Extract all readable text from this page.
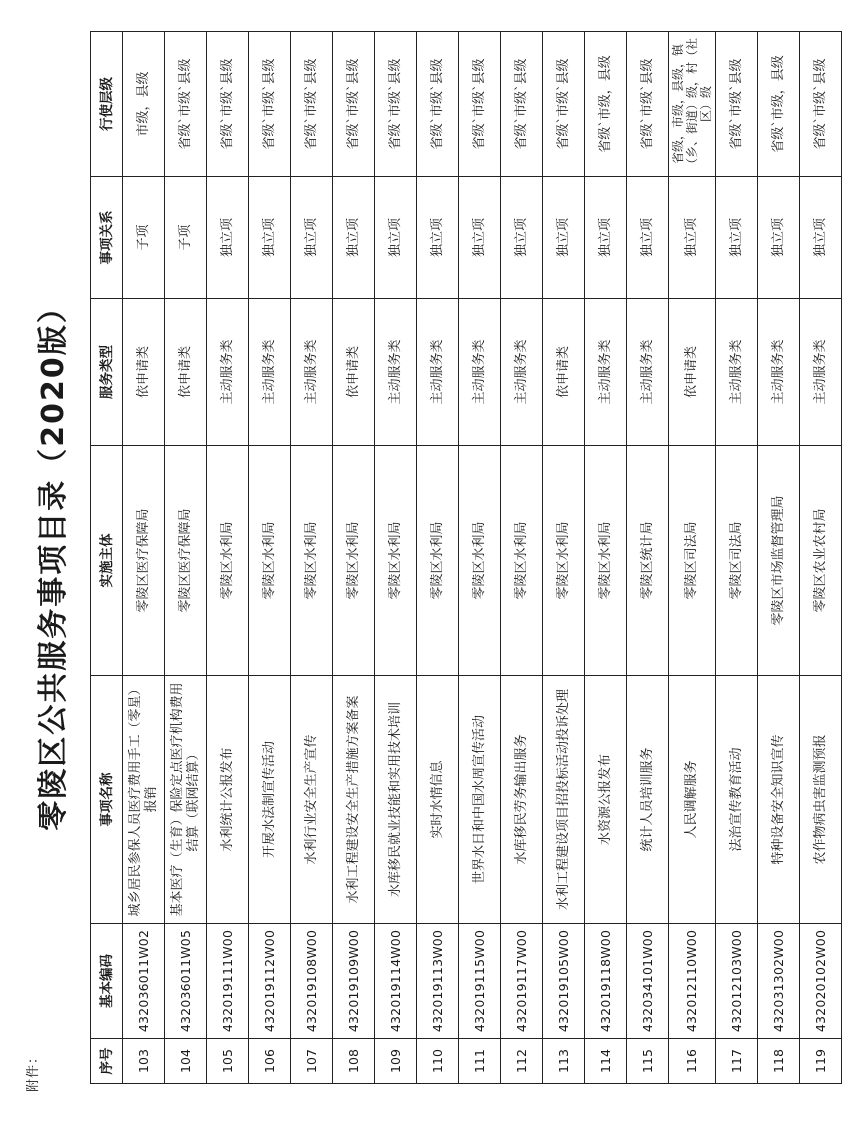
附件：
零陵区公共服务事项目录（2020版）
序号	基本编码	事项名称	实施主体	服务类型	事项关系	行使层级
103	432036011W02	城乡居民参保人员医疗费用手工（零星）报销	零陵区医疗保障局	依申请类	子项	市级，县级
104	432036011W05	基本医疗（生育）保险定点医疗机构费用结算（联网结算）	零陵区医疗保障局	依申请类	子项	省级`市级`县级
105	432019111W00	水利统计公报发布	零陵区水利局	主动服务类	独立项	省级`市级`县级
106	432019112W00	开展水法制宣传活动	零陵区水利局	主动服务类	独立项	省级`市级`县级
107	432019108W00	水利行业安全生产宣传	零陵区水利局	主动服务类	独立项	省级`市级`县级
108	432019109W00	水利工程建设安全生产措施方案备案	零陵区水利局	依申请类	独立项	省级`市级`县级
109	432019114W00	水库移民就业技能和实用技术培训	零陵区水利局	主动服务类	独立项	省级`市级`县级
110	432019113W00	实时水情信息	零陵区水利局	主动服务类	独立项	省级`市级`县级
111	432019115W00	世界水日和中国水周宣传活动	零陵区水利局	主动服务类	独立项	省级`市级`县级
112	432019117W00	水库移民劳务输出服务	零陵区水利局	主动服务类	独立项	省级`市级`县级
113	432019105W00	水利工程建设项目招投标活动投诉处理	零陵区水利局	依申请类	独立项	省级`市级`县级
114	432019118W00	水资源公报发布	零陵区水利局	主动服务类	独立项	省级`市级，县级
115	432034101W00	统计人员培训服务	零陵区统计局	主动服务类	独立项	省级`市级`县级
116	432012110W00	人民调解服务	零陵区司法局	依申请类	独立项	省级，市级，县级，镇（乡、街道）级，村（社区）级
117	432012103W00	法治宣传教育活动	零陵区司法局	主动服务类	独立项	省级`市级`县级
118	432031302W00	特种设备安全知识宣传	零陵区市场监督管理局	主动服务类	独立项	省级`市级，县级
119	432020102W00	农作物病虫害监测预报	零陵区农业农村局	主动服务类	独立项	省级`市级`县级
